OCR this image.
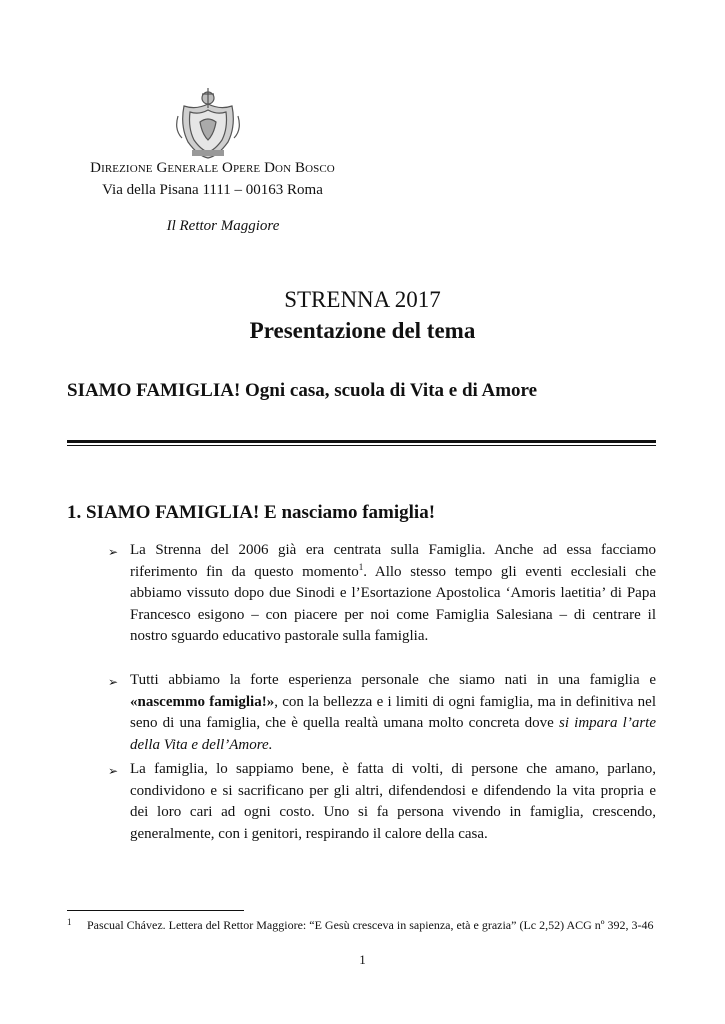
Direzione Generale Opere Don Bosco
Via della Pisana 1111 – 00163 Roma
Il Rettor Maggiore
STRENNA 2017
Presentazione del tema
SIAMO FAMIGLIA! Ogni casa, scuola di Vita e di Amore
1. SIAMO FAMIGLIA! E nasciamo famiglia!
➢ La Strenna del 2006 già era centrata sulla Famiglia. Anche ad essa facciamo riferimento fin da questo momento$^1$. Allo stesso tempo gli eventi ecclesiali che abbiamo vissuto dopo due Sinodi e l’Esortazione Apostolica ‘Amoris laetitia’ di Papa Francesco esigono – con piacere per noi come Famiglia Salesiana – di centrare il nostro sguardo educativo pastorale sulla famiglia.
➢ Tutti abbiamo la forte esperienza personale che siamo nati in una famiglia e «nascemmo famiglia!», con la bellezza e i limiti di ogni famiglia, ma in definitiva nel seno di una famiglia, che è quella realtà umana molto concreta dove si impara l’arte della Vita e dell’Amore.
➢ La famiglia, lo sappiamo bene, è fatta di volti, di persone che amano, parlano, condividono e si sacrificano per gli altri, difendendosi e difendendo la vita propria e dei loro cari ad ogni costo. Uno si fa persona vivendo in famiglia, crescendo, generalmente, con i genitori, respirando il calore della casa.
1 Pascual Chávez. Lettera del Rettor Maggiore: “E Gesù cresceva in sapienza, età e grazia” (Lc 2,52) ACG nº 392, 3-46
1
